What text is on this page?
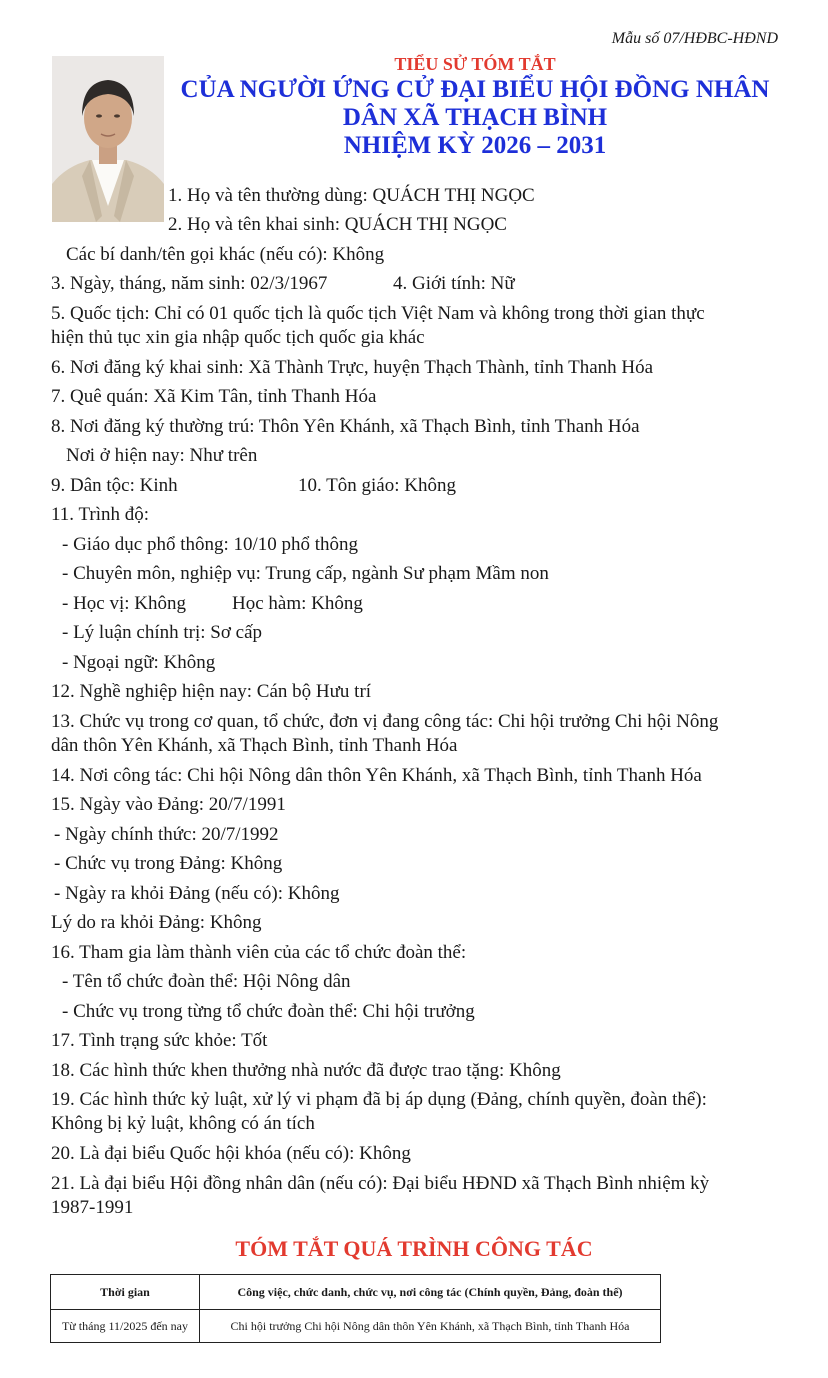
Mẫu số 07/HĐBC-HĐND
TIỂU SỬ TÓM TẮT
CỦA NGƯỜI ỨNG CỬ ĐẠI BIỂU HỘI ĐỒNG NHÂN
DÂN XÃ THẠCH BÌNH
NHIỆM KỲ 2026 – 2031
1. Họ và tên thường dùng: QUÁCH THỊ NGỌC
2. Họ và tên khai sinh: QUÁCH THỊ NGỌC
Các bí danh/tên gọi khác (nếu có): Không
3. Ngày, tháng, năm sinh: 02/3/1967	4. Giới tính: Nữ
5. Quốc tịch: Chỉ có 01 quốc tịch là quốc tịch Việt Nam và không trong thời gian thực
hiện thủ tục xin gia nhập quốc tịch quốc gia khác
6. Nơi đăng ký khai sinh: Xã Thành Trực, huyện Thạch Thành, tỉnh Thanh Hóa
7. Quê quán: Xã Kim Tân, tỉnh Thanh Hóa
8. Nơi đăng ký thường trú: Thôn Yên Khánh, xã Thạch Bình, tỉnh Thanh Hóa
Nơi ở hiện nay: Như trên
9. Dân tộc: Kinh	10. Tôn giáo: Không
11. Trình độ:
- Giáo dục phổ thông: 10/10 phổ thông
- Chuyên môn, nghiệp vụ: Trung cấp, ngành Sư phạm Mầm non
- Học vị: Không Học hàm: Không
- Lý luận chính trị: Sơ cấp
- Ngoại ngữ: Không
12. Nghề nghiệp hiện nay: Cán bộ Hưu trí
13. Chức vụ trong cơ quan, tổ chức, đơn vị đang công tác: Chi hội trưởng Chi hội Nông
dân thôn Yên Khánh, xã Thạch Bình, tỉnh Thanh Hóa
14. Nơi công tác: Chi hội Nông dân thôn Yên Khánh, xã Thạch Bình, tỉnh Thanh Hóa
15. Ngày vào Đảng: 20/7/1991
- Ngày chính thức: 20/7/1992
- Chức vụ trong Đảng: Không
- Ngày ra khỏi Đảng (nếu có): Không
Lý do ra khỏi Đảng: Không
16. Tham gia làm thành viên của các tổ chức đoàn thể:
- Tên tổ chức đoàn thể: Hội Nông dân
- Chức vụ trong từng tổ chức đoàn thể: Chi hội trưởng
17. Tình trạng sức khỏe: Tốt
18. Các hình thức khen thưởng nhà nước đã được trao tặng: Không
19. Các hình thức kỷ luật, xử lý vi phạm đã bị áp dụng (Đảng, chính quyền, đoàn thể):
Không bị kỷ luật, không có án tích
20. Là đại biểu Quốc hội khóa (nếu có): Không
21. Là đại biểu Hội đồng nhân dân (nếu có): Đại biểu HĐND xã Thạch Bình nhiệm kỳ
1987-1991
TÓM TẮT QUÁ TRÌNH CÔNG TÁC
Thời gian	Công việc, chức danh, chức vụ, nơi công tác (Chính quyền, Đảng, đoàn thể)
Từ tháng 11/2025 đến nay	Chi hội trưởng Chi hội Nông dân thôn Yên Khánh, xã Thạch Bình, tỉnh Thanh Hóa
